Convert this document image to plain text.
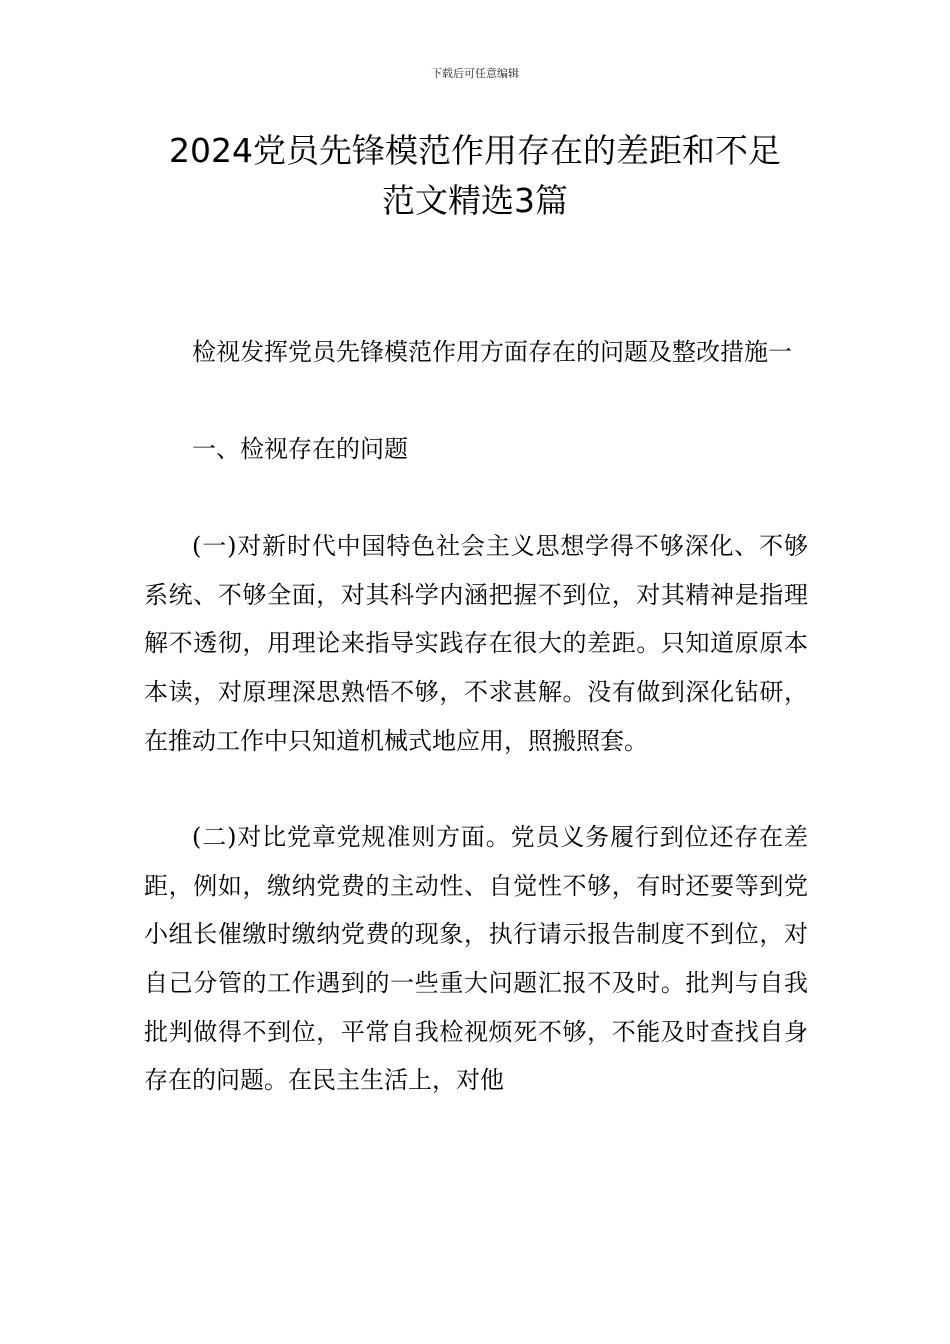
下载后可任意编辑
2024党员先锋模范作用存在的差距和不足
范文精选3篇

检视发挥党员先锋模范作用方面存在的问题及整改措施一

一、检视存在的问题

(一)对新时代中国特色社会主义思想学得不够深化、不够系统、不够全面，对其科学内涵把握不到位，对其精神是指理解不透彻，用理论来指导实践存在很大的差距。只知道原原本本读，对原理深思熟悟不够，不求甚解。没有做到深化钻研，在推动工作中只知道机械式地应用，照搬照套。

(二)对比党章党规准则方面。党员义务履行到位还存在差距，例如，缴纳党费的主动性、自觉性不够，有时还要等到党小组长催缴时缴纳党费的现象，执行请示报告制度不到位，对自己分管的工作遇到的一些重大问题汇报不及时。批判与自我批判做得不到位，平常自我检视烦死不够，不能及时查找自身存在的问题。在民主生活上，对他
